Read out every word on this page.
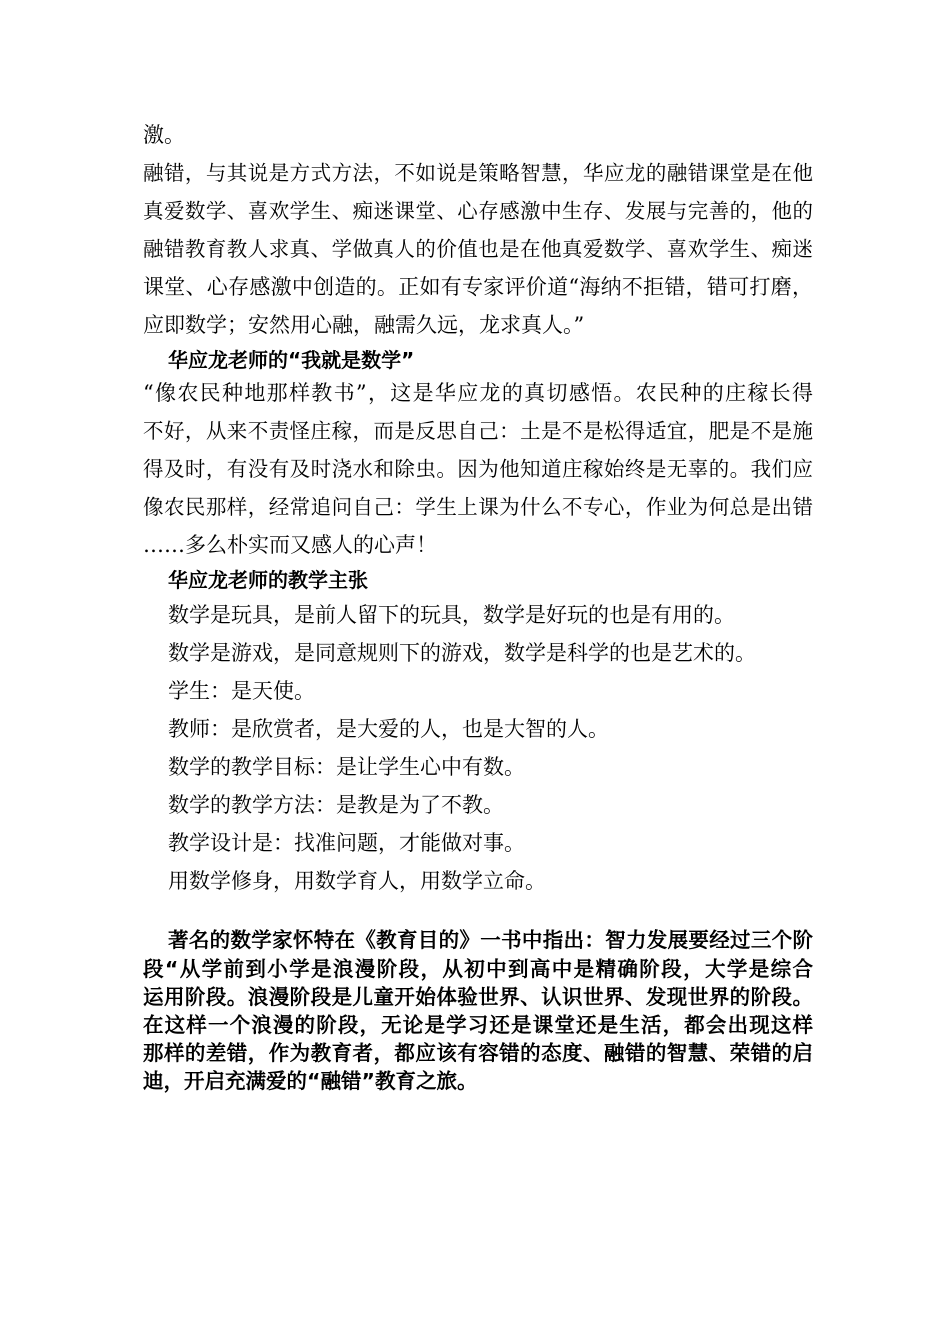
激。
融错，与其说是方式方法，不如说是策略智慧，华应龙的融错课堂是在他
真爱数学、喜欢学生、痴迷课堂、心存感激中生存、发展与完善的，他的
融错教育教人求真、学做真人的价值也是在他真爱数学、喜欢学生、痴迷
课堂、心存感激中创造的。正如有专家评价道“海纳不拒错，错可打磨，
应即数学；安然用心融，融需久远，龙求真人。”
华应龙老师的“我就是数学”
“像农民种地那样教书”，这是华应龙的真切感悟。农民种的庄稼长得
不好，从来不责怪庄稼，而是反思自己：土是不是松得适宜，肥是不是施
得及时，有没有及时浇水和除虫。因为他知道庄稼始终是无辜的。我们应
像农民那样，经常追问自己：学生上课为什么不专心，作业为何总是出错
……多么朴实而又感人的心声！
华应龙老师的教学主张
数学是玩具，是前人留下的玩具，数学是好玩的也是有用的。
数学是游戏，是同意规则下的游戏，数学是科学的也是艺术的。
学生：是天使。
教师：是欣赏者，是大爱的人，也是大智的人。
数学的教学目标：是让学生心中有数。
数学的教学方法：是教是为了不教。
教学设计是：找准问题，才能做对事。
用数学修身，用数学育人，用数学立命。
著名的数学家怀特在《教育目的》一书中指出：智力发展要经过三个阶
段“从学前到小学是浪漫阶段，从初中到高中是精确阶段，大学是综合
运用阶段。浪漫阶段是儿童开始体验世界、认识世界、发现世界的阶段。
在这样一个浪漫的阶段，无论是学习还是课堂还是生活，都会出现这样
那样的差错，作为教育者，都应该有容错的态度、融错的智慧、荣错的启
迪，开启充满爱的“融错”教育之旅。
